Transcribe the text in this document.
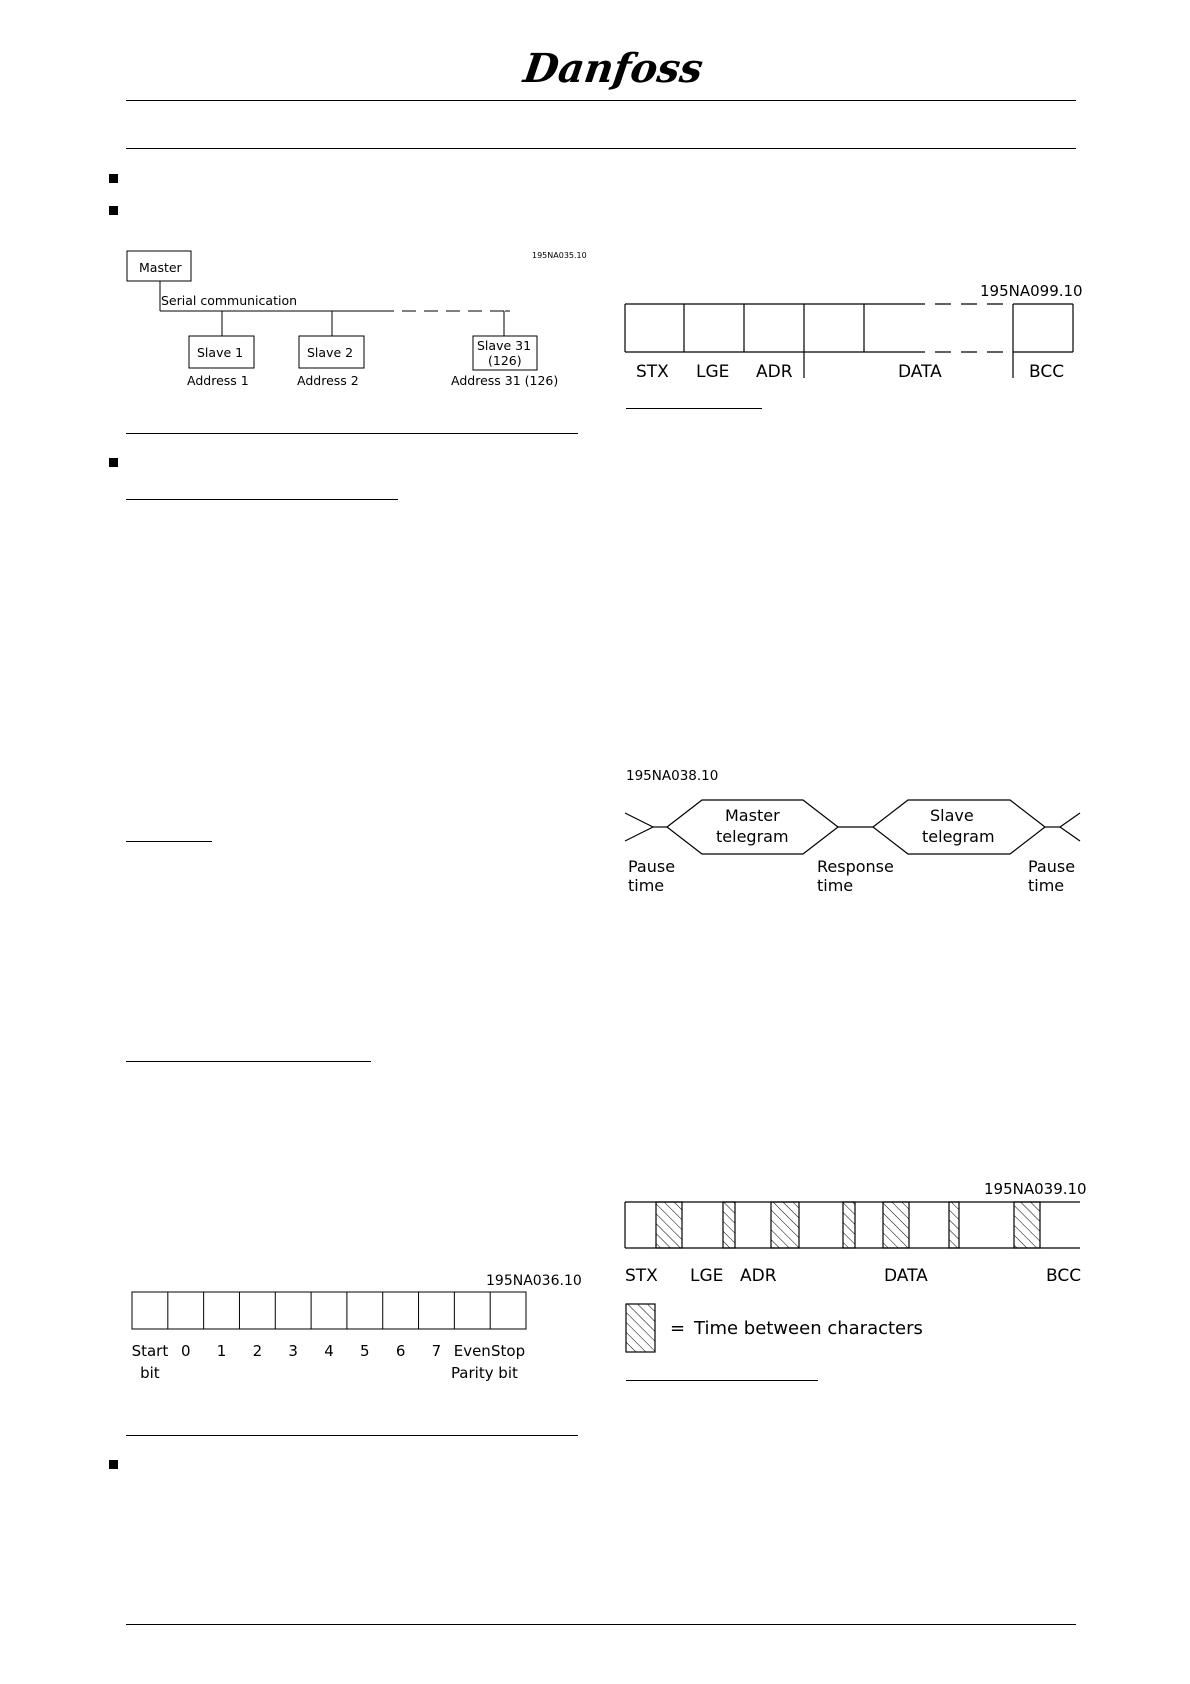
Danfoss
195NA035.10
Master
Serial communication
Slave 1
Address 1
Slave 2
Address 2
Slave 31
(126)
Address 31 (126)
195NA036.10
Start
bit
0 1 2 3 4 5 6 7 Even
Parity
Stop
bit
195NA099.10
STX LGE ADR	DATA	BCC
195NA038.10
Master
telegram
Slave
telegram
Pause
time
Response
time
Pause
time
195NA039.10
STX LGE ADR	DATA	BCC
= Time between characters
